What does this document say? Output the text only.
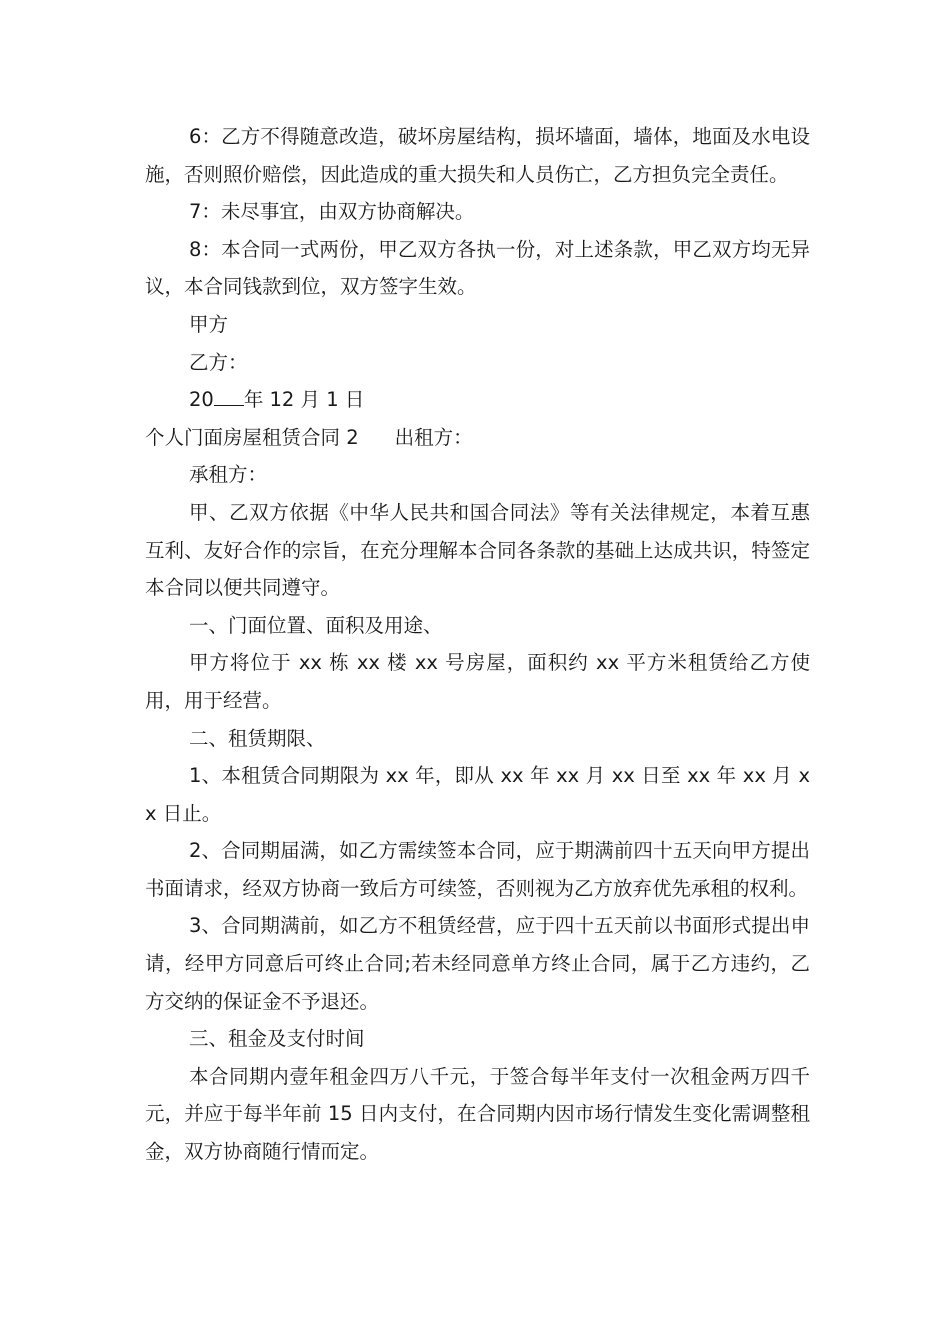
6：乙方不得随意改造，破坏房屋结构，损坏墙面，墙体，地面及水电设施，否则照价赔偿，因此造成的重大损失和人员伤亡，乙方担负完全责任。

7：未尽事宜，由双方协商解决。

8：本合同一式两份，甲乙双方各执一份，对上述条款，甲乙双方均无异议，本合同钱款到位，双方签字生效。

甲方

乙方：

20 年 12 月 1 日

个人门面房屋租赁合同 2 出租方：

承租方：

甲、乙双方依据《中华人民共和国合同法》等有关法律规定，本着互惠互利、友好合作的宗旨，在充分理解本合同各条款的基础上达成共识，特签定本合同以便共同遵守。

一、门面位置、面积及用途、

甲方将位于 xx 栋 xx 楼 xx 号房屋，面积约 xx 平方米租赁给乙方使用，用于经营。

二、租赁期限、

1、本租赁合同期限为 xx 年，即从 xx 年 xx 月 xx 日至 xx 年 xx 月 xx 日止。

2、合同期届满，如乙方需续签本合同，应于期满前四十五天向甲方提出书面请求，经双方协商一致后方可续签，否则视为乙方放弃优先承租的权利。

3、合同期满前，如乙方不租赁经营，应于四十五天前以书面形式提出申请，经甲方同意后可终止合同;若未经同意单方终止合同，属于乙方违约，乙方交纳的保证金不予退还。

三、租金及支付时间

本合同期内壹年租金四万八千元，于签合每半年支付一次租金两万四千元，并应于每半年前 15 日内支付，在合同期内因市场行情发生变化需调整租金，双方协商随行情而定。
